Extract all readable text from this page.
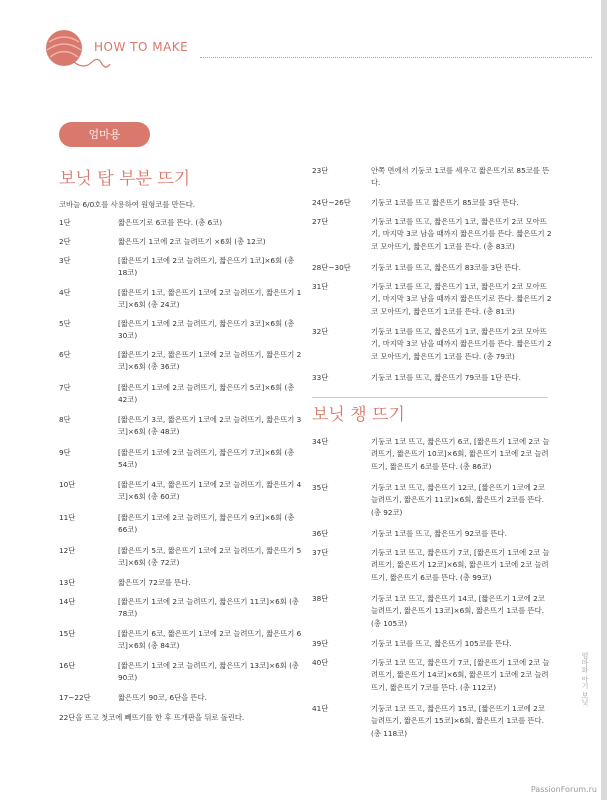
HOW TO MAKE
엄마용
보닛 탑 부분 뜨기
코바늘 6/0호를 사용하여 원형코를 만든다.
1단	짧은뜨기로 6코를 뜬다. (총 6코)
2단	짧은뜨기 1코에 2코 늘려뜨기 ×6회 (총 12코)
3단	[짧은뜨기 1코에 2코 늘려뜨기, 짧은뜨기 1코]×6회 (총 18코)
4단	[짧은뜨기 1코, 짧은뜨기 1코에 2코 늘려뜨기, 짧은뜨기 1코]×6회 (총 24코)
5단	[짧은뜨기 1코에 2코 늘려뜨기, 짧은뜨기 3코]×6회 (총 30코)
6단	[짧은뜨기 2코, 짧은뜨기 1코에 2코 늘려뜨기, 짧은뜨기 2코]×6회 (총 36코)
7단	[짧은뜨기 1코에 2코 늘려뜨기, 짧은뜨기 5코]×6회 (총 42코)
8단	[짧은뜨기 3코, 짧은뜨기 1코에 2코 늘려뜨기, 짧은뜨기 3코]×6회 (총 48코)
9단	[짧은뜨기 1코에 2코 늘려뜨기, 짧은뜨기 7코]×6회 (총 54코)
10단	[짧은뜨기 4코, 짧은뜨기 1코에 2코 늘려뜨기, 짧은뜨기 4코]×6회 (총 60코)
11단	[짧은뜨기 1코에 2코 늘려뜨기, 짧은뜨기 9코]×6회 (총 66코)
12단	[짧은뜨기 5코, 짧은뜨기 1코에 2코 늘려뜨기, 짧은뜨기 5코]×6회 (총 72코)
13단	짧은뜨기 72코를 뜬다.
14단	[짧은뜨기 1코에 2코 늘려뜨기, 짧은뜨기 11코]×6회 (총 78코)
15단	[짧은뜨기 6코, 짧은뜨기 1코에 2코 늘려뜨기, 짧은뜨기 6코]×6회 (총 84코)
16단	[짧은뜨기 1코에 2코 늘려뜨기, 짧은뜨기 13코]×6회 (총 90코)
17~22단	짧은뜨기 90코, 6단을 뜬다.
22단을 뜨고 첫코에 빼뜨기를 한 후 뜨개판을 뒤로 돌린다.
23단	안쪽 면에서 기둥코 1코를 세우고 짧은뜨기로 85코를 뜬다.
24단~26단	기둥코 1코를 뜨고 짧은뜨기 85코를 3단 뜬다.
27단	기둥코 1코를 뜨고, 짧은뜨기 1코, 짧은뜨기 2코 모아뜨기, 마지막 3코 남을 때까지 짧은뜨기를 뜬다. 짧은뜨기 2코 모아뜨기, 짧은뜨기 1코를 뜬다. (총 83코)
28단~30단	기둥코 1코를 뜨고, 짧은뜨기 83코를 3단 뜬다.
31단	기둥코 1코를 뜨고, 짧은뜨기 1코, 짧은뜨기 2코 모아뜨기, 마지막 3코 남을 때까지 짧은뜨기로 뜬다. 짧은뜨기 2코 모아뜨기, 짧은뜨기 1코를 뜬다. (총 81코)
32단	기둥코 1코를 뜨고, 짧은뜨기 1코, 짧은뜨기 2코 모아뜨기, 마지막 3코 남을 때까지 짧은뜨기를 뜬다. 짧은뜨기 2코 모아뜨기, 짧은뜨기 1코를 뜬다. (총 79코)
33단	기둥코 1코를 뜨고, 짧은뜨기 79코를 1단 뜬다.
보닛 챙 뜨기
34단	기둥코 1코 뜨고, 짧은뜨기 6코, [짧은뜨기 1코에 2코 늘려뜨기, 짧은뜨기 10코]×6회, 짧은뜨기 1코에 2코 늘려뜨기, 짧은뜨기 6코를 뜬다. (총 86코)
35단	기둥코 1코 뜨고, 짧은뜨기 12코, [짧은뜨기 1코에 2코 늘려뜨기, 짧은뜨기 11코]×6회, 짧은뜨기 2코를 뜬다. (총 92코)
36단	기둥코 1코를 뜨고, 짧은뜨기 92코를 뜬다.
37단	기둥코 1코 뜨고, 짧은뜨기 7코, [짧은뜨기 1코에 2코 늘려뜨기, 짧은뜨기 12코]×6회, 짧은뜨기 1코에 2코 늘려뜨기, 짧은뜨기 6코를 뜬다. (총 99코)
38단	기둥코 1코 뜨고, 짧은뜨기 14코, [짧은뜨기 1코에 2코 늘려뜨기, 짧은뜨기 13코]×6회, 짧은뜨기 1코를 뜬다. (총 105코)
39단	기둥코 1코를 뜨고, 짧은뜨기 105코를 뜬다.
40단	기둥코 1코 뜨고, 짧은뜨기 7코, [짧은뜨기 1코에 2코 늘려뜨기, 짧은뜨기 14코]×6회, 짧은뜨기 1코에 2코 늘려뜨기, 짧은뜨기 7코를 뜬다. (총 112코)
41단	기둥코 1코 뜨고, 짧은뜨기 15코, [짧은뜨기 1코에 2코 늘려뜨기, 짧은뜨기 15코]×6회, 짧은뜨기 1코를 뜬다. (총 118코)
엄마와 아기 보닛
PassionForum.ru
